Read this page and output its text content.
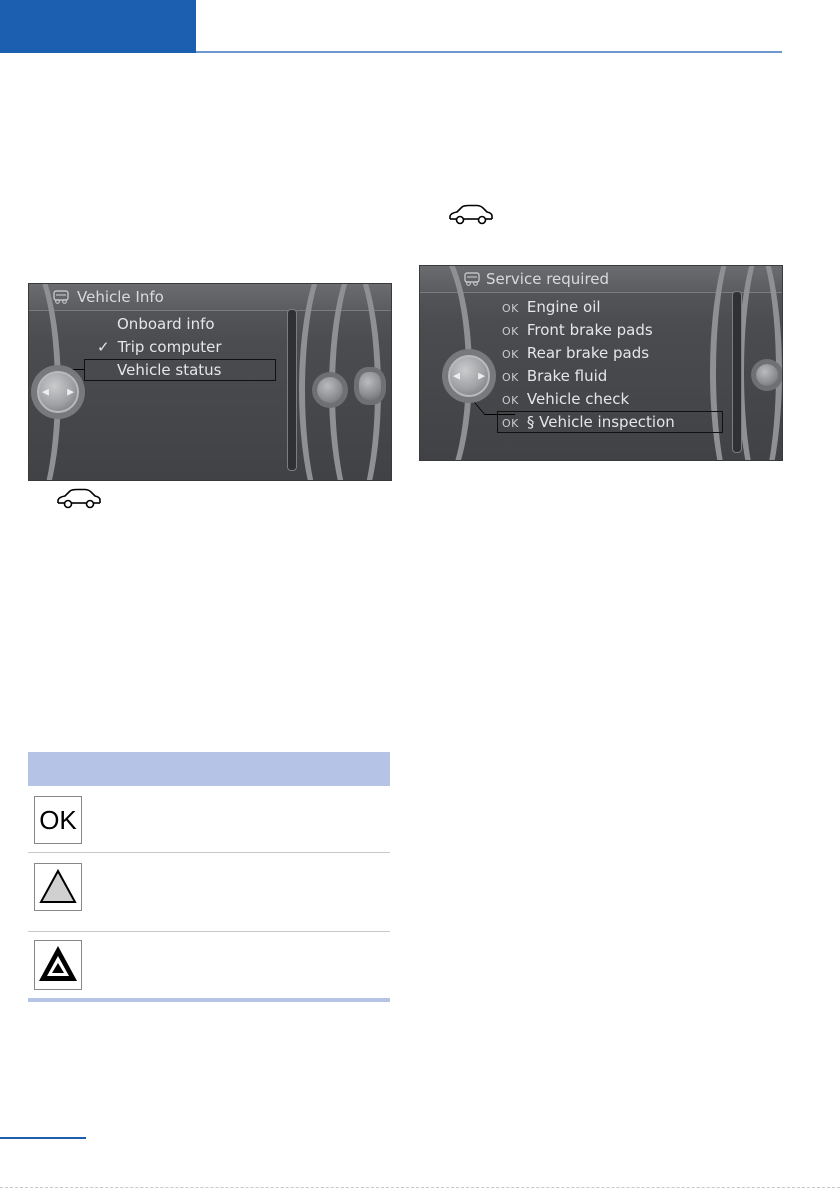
Vehicle Info
Onboard info
✓ Trip computer
Vehicle status
◀ ▶
Service required
OK Engine oil
OK Front brake pads
OK Rear brake pads
OK Brake fluid
OK Vehicle check
OK § Vehicle inspection
◀ ▶
OK
